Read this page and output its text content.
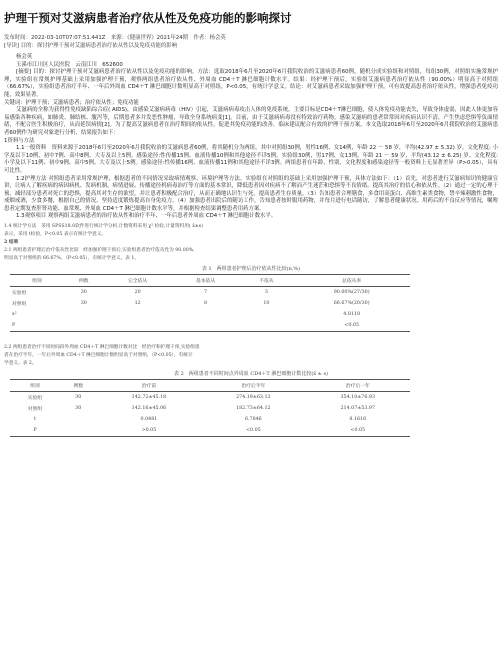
护理干预对艾滋病患者治疗依从性及免疫功能的影响探讨
发布时间：2022-03-10T07:07:51.441Z　来源：《健康世界》2021年24期　作者：杨会英
[导读] 目的：探讨护理干预对艾滋病患者治疗依从性以及免疫功能的影响

杨会英

玉溪市江川区人民医院　云南江川　652600

[摘要] 目的：探讨护理干预对艾滋病患者治疗依从性以及免疫功能的影响。方法：选取2018年6月至2020年6月我院收治的艾滋病患者60例，随机分成实验组和对照组，每组30例，对照组实施常规护理，实验组在常规护理基础上采用加强护理干预，观察两组患者治疗依从性、外周血 CD4＋T 淋巴细胞计数水平。结果：经护理干预后，实验组艾滋病患者治疗依从性（90.00%）明显高于对照组（66.67%），实验组患者治疗半年、一年后外周血 CD4＋T 淋巴细胞计数明显高于对照组，P<0.05，有统计学意义。结论：对艾滋病患者采取加强护理干预，可有效提高患者治疗依从性，增强患者免疫功能，效果显著。

关键词：护理干预；艾滋病患者；治疗依从性；免疫功能

艾滋病的全称为获得性免疫缺陷综合症( AIDS)，由感染艾滋病病毒（HIV）引起，艾滋病病毒攻击人体的免疫系统，主要目标是CD4＋T淋巴细胞，使人体免疫功能丧失，导致身体虚弱，因此人体更加容易感染各种疾病，如肺炎、肺结核、腹泻等，后期患者多并发恶性肿瘤，导致全身系统病变[1]。目前，由于艾滋病病毒没有特效治疗药物，感染艾滋病的患者常常因对疾病认识不清，产生焦虑恐惧等负面情绪，不配合医生积极治疗，从而延误病情[2]。为了提高艾滋病患者在治疗期间的依从性，促进其免疫功能的改善，临床建议配合有效的护理干预方案，本文选取2018年6月至2020年6月我院收治的艾滋病患者60例作为研究对象进行分析，结果报告如下：

1资料与方法

1.1一般资料　资料来源于2018年6月至2020年6月我院收治的艾滋病患者60例，将其随机分为两组，其中对照组30例，男性16例、女14例，年龄 22 － 58 岁，平均(42.97 ± 5.32) 岁。文化程度: 小学及以下10例、初中7例、高中8例、大专及以上5例。感染途径:性传播15例、血液传播10例和其他途径不详5例。实验组30例，男17例、女13例，年龄 21 － 59 岁，平均(43.12 ± 6.25) 岁。文化程度: 小学及以下11例、初中9例、高中5例、大专及以上5例。感染途径:性传播16例、血液传播11例和其他途径不详3例。两组患者在年龄、性别、文化程度和感染途径等一般资料上无显著差异（P>0.05），具有可比性。

1.2护理方法 对照组患者采用常规护理，根据患者的不同情况采取病情观察、环境护理等方法。实验组在对照组的基础上采用加强护理干预，具体方法如下：（1）首先，对患者进行艾滋病知识的健康宣讲，让病人了解疾病的病因病机、发病机制、病情进展、传播途径机病毒治疗等方面的基本常识，降低患者因对疾病不了解而产生迷茫和恐惧等不良情绪，提高其治疗的信心和依从性。（2）通过一定的心理干预，减轻部分患者对死亡的恐惧，提高其对生存的欲望，并让患者积极配合治疗，从而正确地认识生与死，提高患者生存质量。（3）告知患者合理膳食，多食用高蛋白、高维生素类食物，禁辛辣刺激性食物，戒烟戒酒，少食多餐，根据自己的情况，坚持适度锻炼提高自身免疫力。（4）加强患者出院后的随访工作，告知患者按时服用药物，并每月进行电话随访，了解患者健康状况、用药后的不良反应等情况，嘱咐患者定期复查肝肾功能、血常规、外周血 CD4＋T 淋巴细胞计数水平等，并根据检查结果调整患者用药方案。

1.3观察项目 观察两组艾滋病患者的治疗依从性和治疗半年、一年后患者外周血 CD4＋T 淋巴细胞计数水平。

1.4 统计学方法　采用 SPSS18.0软件进行统计学分析,计数资料采用 χ² 检验,计量资料用( x̄±s)
表示，采用 t检验，P<0.05 表示有统计学意义。
2 结果
2.1 两组患者护理后治疗依从性比较　经加强护理干预后,实验组患者治疗依从性为 90.00%,
明显高于对照组的 66.67%，（P<0.05），有统计学意义。表 1。
表 1　两组患者护理后治疗依从性比较(n,%)
组别	例数	完全依从	基本依从	不依从	总依从率
实验组	30	20	7	3	90.00%(27/30)
对照组	30	12	8	10	66.67%(20/30)
x²					4.8118
P					<0.05
2.2 两组患者治疗不同时间段外周血 CD4＋T 淋巴细胞计数对比　经治疗和护理干预,实验组患
者在治疗半年，一年后外周血 CD4＋T 淋巴细胞计数明显高于对照组，（P<0.05），有统计
学意义。表 2。
表 2　两组患者不同时间点外周血 CD4＋T 淋巴细胞计数比较(x̄ ± s)
组别	例数	治疗前	治疗后半年	治疗后一年
实验组	30	142.72±45.18	274.19±63.13	354.10±76.93
对照组	30	142.16±45.06	182.73±64.12	214.07±53.97
t		0.0481	6.7846	8.1616
P		>0.05	<0.05	<0.05
